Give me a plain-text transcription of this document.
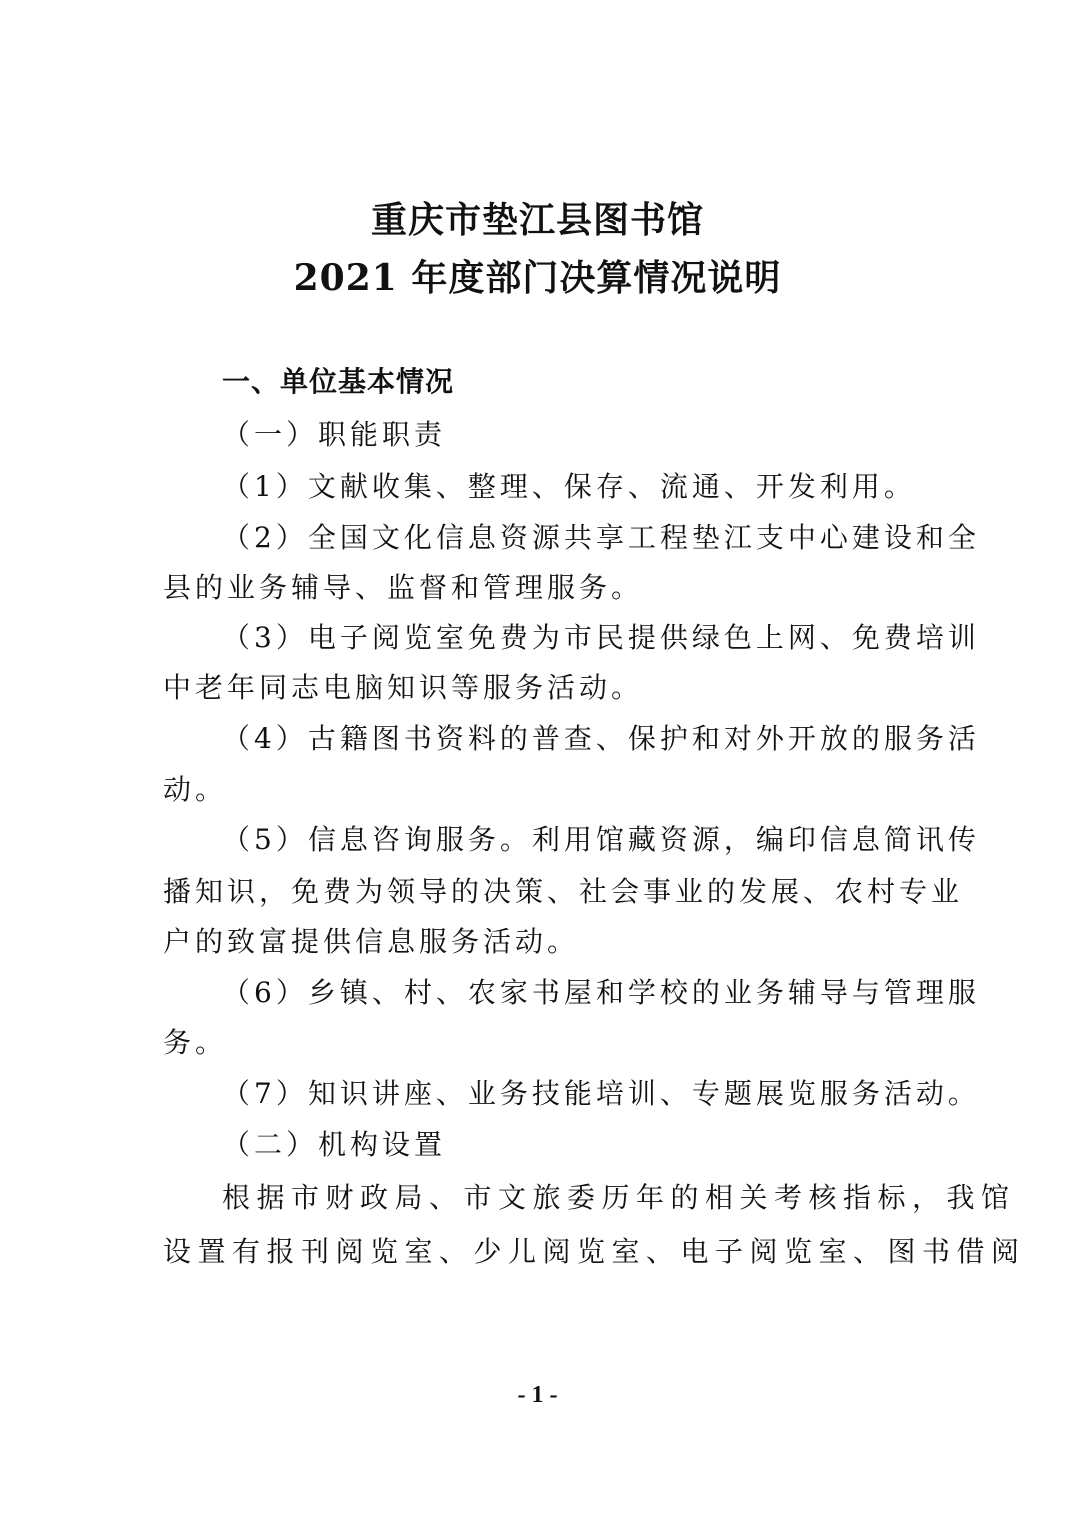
重庆市垫江县图书馆
2021 年度部门决算情况说明
一、单位基本情况
（一）职能职责
（1）文献收集、整理、保存、流通、开发利用。
（2）全国文化信息资源共享工程垫江支中心建设和全
县的业务辅导、监督和管理服务。
（3）电子阅览室免费为市民提供绿色上网、免费培训
中老年同志电脑知识等服务活动。
（4）古籍图书资料的普查、保护和对外开放的服务活
动。
（5）信息咨询服务。利用馆藏资源，编印信息简讯传
播知识，免费为领导的决策、社会事业的发展、农村专业
户的致富提供信息服务活动。
（6）乡镇、村、农家书屋和学校的业务辅导与管理服
务。
（7）知识讲座、业务技能培训、专题展览服务活动。
（二）机构设置
根据市财政局、市文旅委历年的相关考核指标，我馆
设置有报刊阅览室、少儿阅览室、电子阅览室、图书借阅
- 1 -
